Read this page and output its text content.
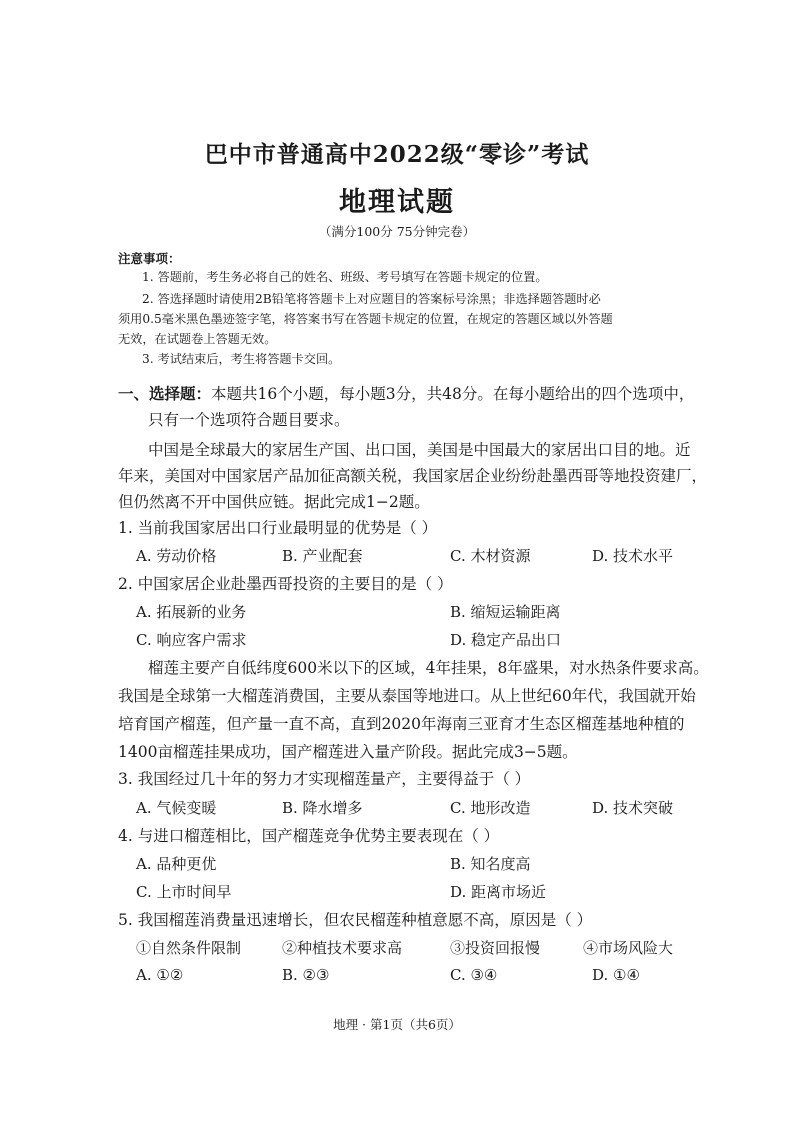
巴中市普通高中2022级“零诊”考试
地理试题
（满分100分 75分钟完卷）
注意事项：
1. 答题前，考生务必将自己的姓名、班级、考号填写在答题卡规定的位置。
2. 答选择题时请使用2B铅笔将答题卡上对应题目的答案标号涂黑；非选择题答题时必
须用0.5毫米黑色墨迹签字笔，将答案书写在答题卡规定的位置，在规定的答题区域以外答题
无效，在试题卷上答题无效。
3. 考试结束后，考生将答题卡交回。
一、选择题：本题共16个小题，每小题3分，共48分。在每小题给出的四个选项中，
只有一个选项符合题目要求。
中国是全球最大的家居生产国、出口国，美国是中国最大的家居出口目的地。近
年来，美国对中国家居产品加征高额关税，我国家居企业纷纷赴墨西哥等地投资建厂，
但仍然离不开中国供应链。据此完成1−2题。
1. 当前我国家居出口行业最明显的优势是（ ）
A. 劳动价格	B. 产业配套	C. 木材资源	D. 技术水平
2. 中国家居企业赴墨西哥投资的主要目的是（ ）
A. 拓展新的业务	B. 缩短运输距离
C. 响应客户需求	D. 稳定产品出口
榴莲主要产自低纬度600米以下的区域，4年挂果，8年盛果，对水热条件要求高。
我国是全球第一大榴莲消费国，主要从泰国等地进口。从上世纪60年代，我国就开始
培育国产榴莲，但产量一直不高，直到2020年海南三亚育才生态区榴莲基地种植的
1400亩榴莲挂果成功，国产榴莲进入量产阶段。据此完成3−5题。
3. 我国经过几十年的努力才实现榴莲量产，主要得益于（ ）
A. 气候变暖	B. 降水增多	C. 地形改造	D. 技术突破
4. 与进口榴莲相比，国产榴莲竞争优势主要表现在（ ）
A. 品种更优	B. 知名度高
C. 上市时间早	D. 距离市场近
5. 我国榴莲消费量迅速增长，但农民榴莲种植意愿不高，原因是（ ）
①自然条件限制	②种植技术要求高	③投资回报慢	④市场风险大
A. ①②	B. ②③	C. ③④	D. ①④
地理 · 第1页（共6页）
